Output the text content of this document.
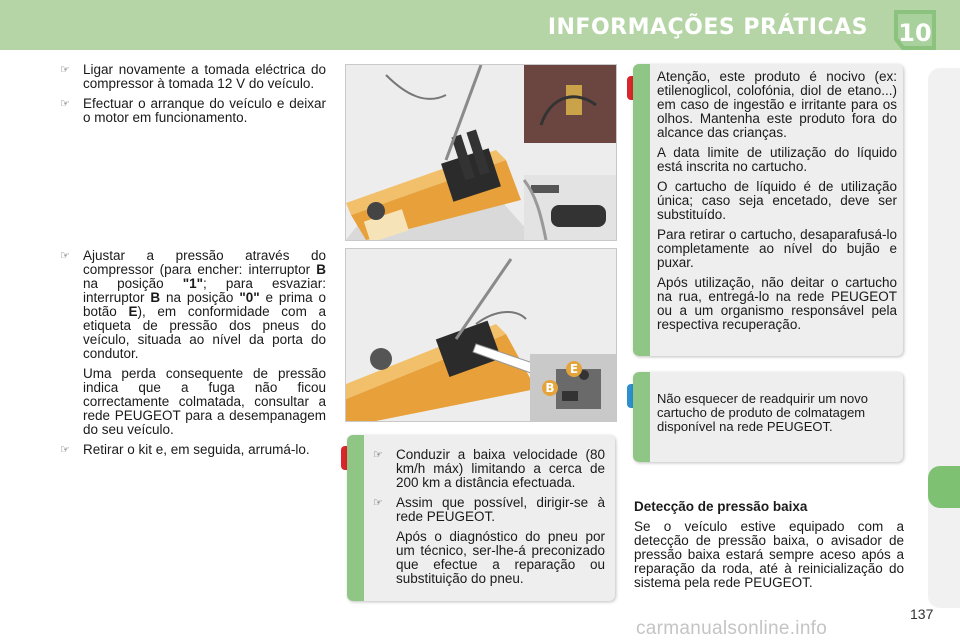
INFORMAÇÕES PRÁTICAS 10

☞ Ligar novamente a tomada eléctrica do compressor à tomada 12 V do veículo.

☞ Efectuar o arranque do veículo e deixar o motor em funcionamento.

☞ Ajustar a pressão através do compressor (para encher: interruptor B na posição "1"; para esvaziar: interruptor B na posição "0" e prima o botão E), em conformidade com a etiqueta de pressão dos pneus do veículo, situada ao nível da porta do condutor.

Uma perda consequente de pressão indica que a fuga não ficou correctamente colmatada, consultar a rede PEUGEOT para a desempanagem do seu veículo.

☞ Retirar o kit e, em seguida, arrumá-lo.

E
B

☞ Conduzir a baixa velocidade (80 km/h máx) limitando a cerca de 200 km a distância efectuada.

☞ Assim que possível, dirigir-se à rede PEUGEOT.

Após o diagnóstico do pneu por um técnico, ser-lhe-á preconizado que efectue a reparação ou substituição do pneu.

Atenção, este produto é nocivo (ex: etilenoglicol, colofónia, diol de etano...) em caso de ingestão e irritante para os olhos. Mantenha este produto fora do alcance das crianças.

A data limite de utilização do líquido está inscrita no cartucho.

O cartucho de líquido é de utilização única; caso seja encetado, deve ser substituído.

Para retirar o cartucho, desaparafusá-lo completamente ao nível do bujão e puxar.

Após utilização, não deitar o cartucho na rua, entregá-lo na rede PEUGEOT ou a um organismo responsável pela respectiva recuperação.

Não esquecer de readquirir um novo cartucho de produto de colmatagem disponível na rede PEUGEOT.
Detecção de pressão baixa

Se o veículo estive equipado com a detecção de pressão baixa, o avisador de pressão baixa estará sempre aceso após a reparação da roda, até à reinicialização do sistema pela rede PEUGEOT.

137
carmanualsonline.info
